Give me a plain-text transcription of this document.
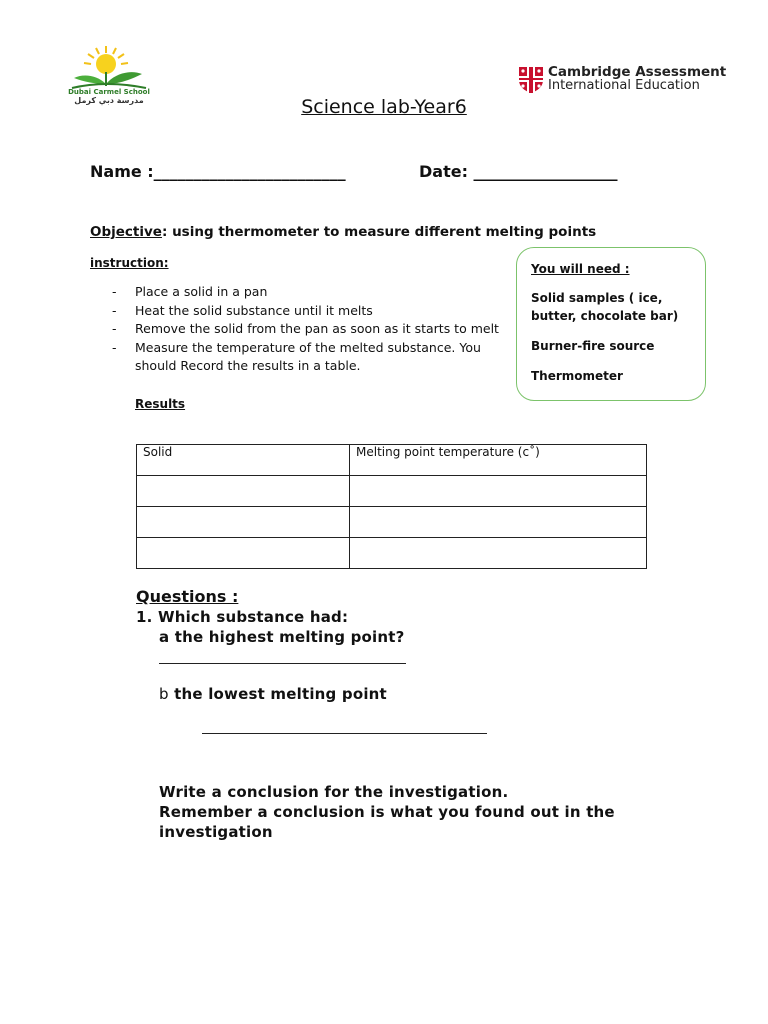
Dubai Carmel School
مدرسة دبي كرمل
Cambridge Assessment
International Education
Science lab-Year6
Name :________________________	Date: __________________
Objective: using thermometer to measure different melting points
instruction:
- Place a solid in a pan
- Heat the solid substance until it melts
- Remove the solid from the pan as soon as it starts to melt
- Measure the temperature of the melted substance. You should Record the results in a table.
You will need :
Solid samples ( ice, butter, chocolate bar)
Burner-fire source
Thermometer
Results
Solid	Melting point temperature (c˚)

Questions :
1. Which substance had:
a the highest melting point?
b the lowest melting point
Write a conclusion for the investigation.
Remember a conclusion is what you found out in the
investigation
